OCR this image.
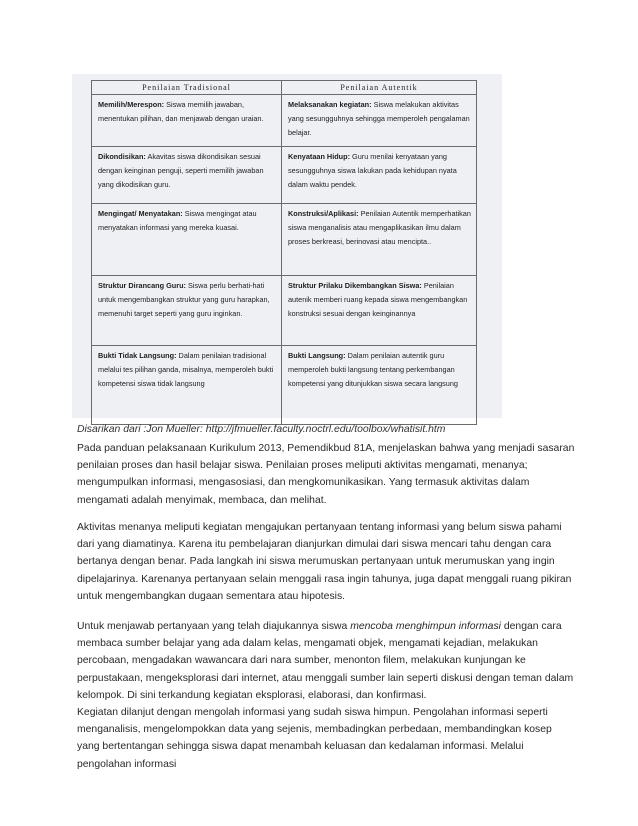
Penilaian Tradisional	Penilaian Autentik
Memilih/Merespon: Siswa memilih jawaban, menentukan pilihan, dan menjawab dengan uraian.	Melaksanakan kegiatan: Siswa melakukan aktivitas yang sesungguhnya sehingga memperoleh pengalaman belajar.
Dikondisikan: Akavitas siswa dikondisikan sesuai dengan keinginan penguji, seperti memilih jawaban yang dikodisikan guru.	Kenyataan Hidup: Guru menilai kenyataan yang sesungguhnya siswa lakukan pada kehidupan nyata dalam waktu pendek.
Mengingat/ Menyatakan: Siswa mengingat atau menyatakan informasi yang mereka kuasai.	Konstruksi/Aplikasi: Penilaian Autentik memperhatikan siswa menganalisis atau mengaplikasikan ilmu dalam proses berkreasi, berinovasi atau mencipta..
Struktur Dirancang Guru: Siswa perlu berhati-hati untuk mengembangkan struktur yang guru harapkan, memenuhi target seperti yang guru inginkan.	Struktur Prilaku Dikembangkan Siswa: Penilaian autenik memberi ruang kepada siswa mengembangkan konstruksi sesuai dengan keinginannya
Bukti Tidak Langsung: Dalam penilaian tradisional melalui tes pilihan ganda, misalnya, memperoleh bukti kompetensi siswa tidak langsung	Bukti Langsung: Dalam penilaian autentik guru memperoleh bukti langsung tentang perkembangan kompetensi yang ditunjukkan siswa secara langsung
Disarikan dari :Jon Mueller: http://jfmueller.faculty.noctrl.edu/toolbox/whatisit.htm

Pada panduan pelaksanaan Kurikulum 2013, Pemendikbud 81A, menjelaskan bahwa yang menjadi sasaran penilaian proses dan hasil belajar siswa. Penilaian proses meliputi aktivitas mengamati, menanya; mengumpulkan informasi, mengasosiasi, dan mengkomunikasikan. Yang termasuk aktivitas dalam mengamati adalah menyimak, membaca, dan melihat.

Aktivitas menanya meliputi kegiatan mengajukan pertanyaan tentang informasi yang belum siswa pahami dari yang diamatinya. Karena itu pembelajaran dianjurkan dimulai dari siswa mencari tahu dengan cara bertanya dengan benar. Pada langkah ini siswa merumuskan pertanyaan untuk merumuskan yang ingin dipelajarinya. Karenanya pertanyaan selain menggali rasa ingin tahunya, juga dapat menggali ruang pikiran untuk mengembangkan dugaan sementara atau hipotesis.

Untuk menjawab pertanyaan yang telah diajukannya siswa mencoba menghimpun informasi dengan cara membaca sumber belajar yang ada dalam kelas, mengamati objek, mengamati kejadian, melakukan percobaan, mengadakan wawancara dari nara sumber, menonton filem, melakukan kunjungan ke perpustakaan, mengeksplorasi dari internet, atau menggali sumber lain seperti diskusi dengan teman dalam kelompok. Di sini terkandung kegiatan eksplorasi, elaborasi, dan konfirmasi.

Kegiatan dilanjut dengan mengolah informasi yang sudah siswa himpun. Pengolahan informasi seperti menganalisis, mengelompokkan data yang sejenis, membadingkan perbedaan, membandingkan kosep yang bertentangan sehingga siswa dapat menambah keluasan dan kedalaman informasi. Melalui pengolahan informasi
